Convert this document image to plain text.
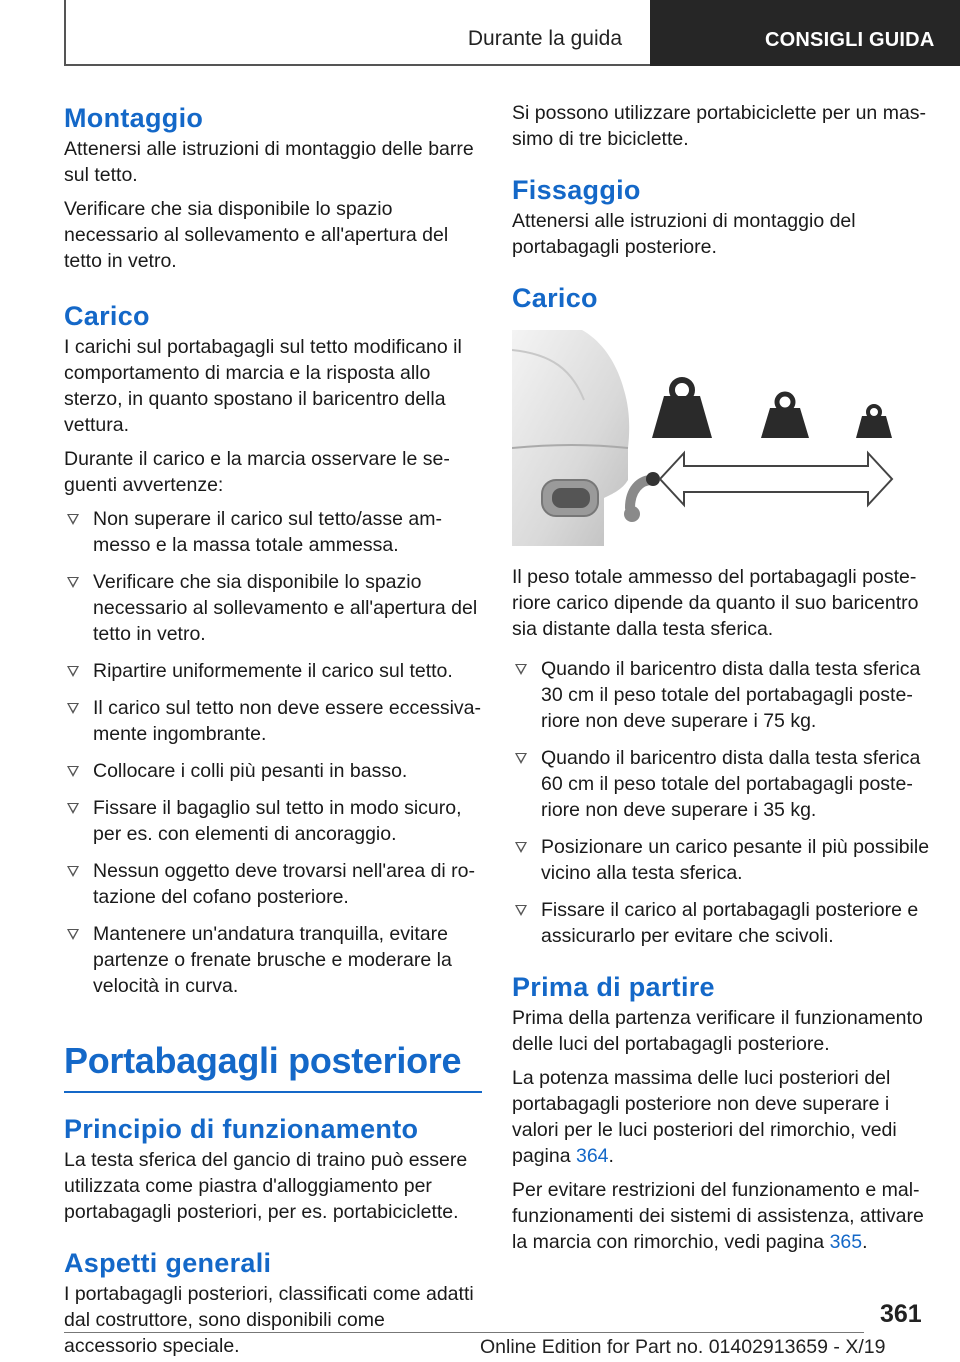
Durante la guida	CONSIGLI GUIDA
Montaggio

Attenersi alle istruzioni di montaggio delle barre sul tetto.

Verificare che sia disponibile lo spazio necessario al sollevamento e all'apertura del tetto in vetro.

Carico

I carichi sul portabagagli sul tetto modificano il comportamento di marcia e la risposta allo sterzo, in quanto spostano il baricentro della vettura.

Durante il carico e la marcia osservare le seguenti avvertenze:

Non superare il carico sul tetto/asse ammesso e la massa totale ammessa.
Verificare che sia disponibile lo spazio necessario al sollevamento e all'apertura del tetto in vetro.
Ripartire uniformemente il carico sul tetto.
Il carico sul tetto non deve essere eccessivamente ingombrante.
Collocare i colli più pesanti in basso.
Fissare il bagaglio sul tetto in modo sicuro, per es. con elementi di ancoraggio.
Nessun oggetto deve trovarsi nell'area di rotazione del cofano posteriore.
Mantenere un'andatura tranquilla, evitare partenze o frenate brusche e moderare la velocità in curva.
Portabagagli posteriore
Principio di funzionamento

La testa sferica del gancio di traino può essere utilizzata come piastra d'alloggiamento per portabagagli posteriori, per es. portabiciclette.

Aspetti generali

I portabagagli posteriori, classificati come adatti dal costruttore, sono disponibili come accessorio speciale.

Si possono utilizzare portabiciclette per un massimo di tre biciclette.

Fissaggio

Attenersi alle istruzioni di montaggio del portabagagli posteriore.

Carico

Il peso totale ammesso del portabagagli posteriore carico dipende da quanto il suo baricentro sia distante dalla testa sferica.

Quando il baricentro dista dalla testa sferica 30 cm il peso totale del portabagagli posteriore non deve superare i 75 kg.
Quando il baricentro dista dalla testa sferica 60 cm il peso totale del portabagagli posteriore non deve superare i 35 kg.
Posizionare un carico pesante il più possibile vicino alla testa sferica.
Fissare il carico al portabagagli posteriore e assicurarlo per evitare che scivoli.
Prima di partire

Prima della partenza verificare il funzionamento delle luci del portabagagli posteriore.

La potenza massima delle luci posteriori del portabagagli posteriore non deve superare i valori per le luci posteriori del rimorchio, vedi pagina 364.

Per evitare restrizioni del funzionamento e malfunzionamenti dei sistemi di assistenza, attivare la marcia con rimorchio, vedi pagina 365.

361
Online Edition for Part no. 01402913659 - X/19
